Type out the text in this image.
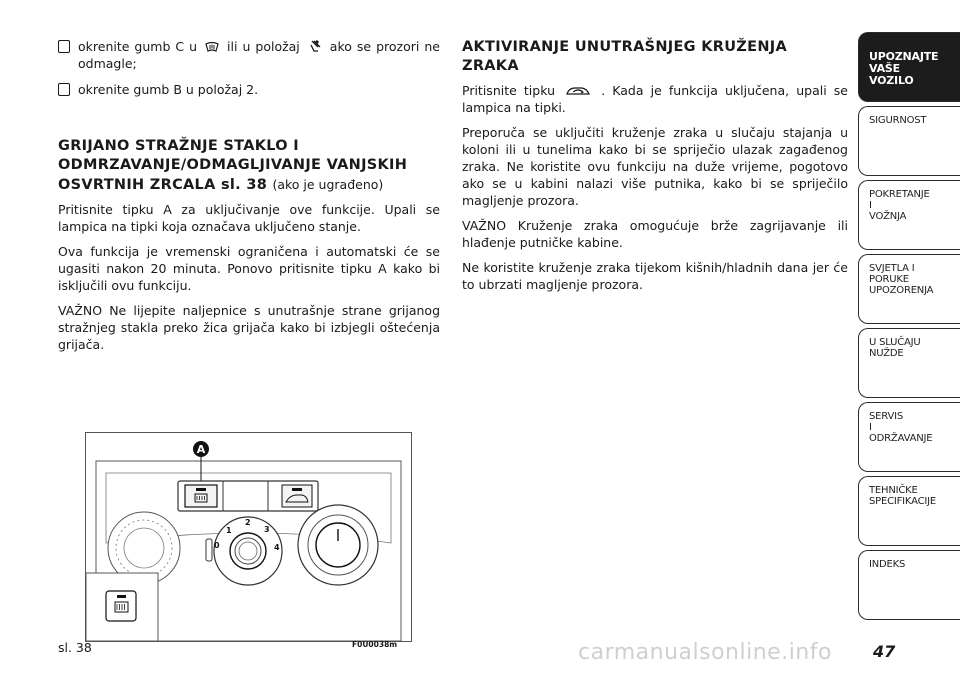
okrenite gumb C u ili u položaj ako se prozori ne odmagle;
okrenite gumb B u položaj 2.
GRIJANO STRAŽNJE STAKLO I ODMRZAVANJE/ODMAGLJIVANJE VANJSKIH OSVRTNIH ZRCALA sl. 38 (ako je ugrađeno)

Pritisnite tipku A za uključivanje ove funkcije. Upali se lampica na tipki koja označava uključeno stanje.

Ova funkcija je vremenski ograničena i automatski će se ugasiti nakon 20 minuta. Ponovo pritisnite tipku A kako bi isključili ovu funkciju.

VAŽNO Ne lijepite naljepnice s unutrašnje strane grijanog stražnjeg stakla preko žica grijača kako bi izbjegli oštećenja grijača.

AKTIVIRANJE UNUTRAŠNJEG KRUŽENJA ZRAKA

Pritisnite tipku	. Kada je funkcija uključena, upali se lampica na tipki.

Preporuča se uključiti kruženje zraka u slučaju stajanja u koloni ili u tunelima kako bi se spriječio ulazak zagađenog zraka. Ne koristite ovu funkciju na duže vrijeme, pogotovo ako se u kabini nalazi više putnika, kako bi se spriječilo magljenje prozora.

VAŽNO Kruženje zraka omogućuje brže zagrijavanje ili hlađenje putničke kabine.

Ne koristite kruženje zraka tijekom kišnih/hladnih dana jer će to ubrzati magljenje prozora.

A
0
1
2
3
4
sl. 38	F0U0038m
UPOZNAJTE
VAŠE
VOZILO
SIGURNOST
POKRETANJE
I
VOŽNJA
SVJETLA I
PORUKE
UPOZORENJA
U SLUČAJU
NUŽDE
SERVIS
I
ODRŽAVANJE
TEHNIČKE
SPECIFIKACIJE
INDEKS
carmanualsonline.info	47
